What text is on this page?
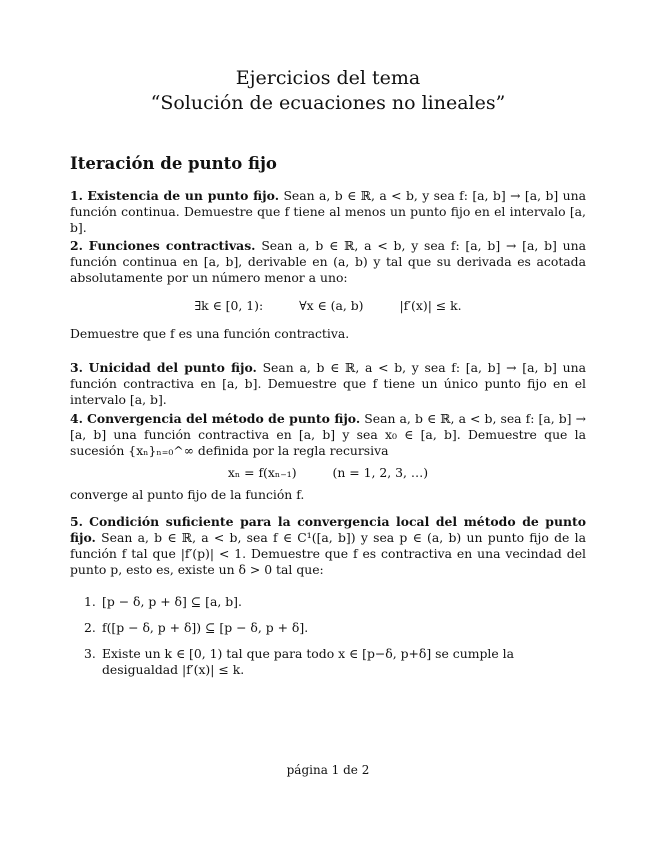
Ejercicios del tema
“Solución de ecuaciones no lineales”
Iteración de punto fijo
1. Existencia de un punto fijo. Sean a, b ∈ ℝ, a < b, y sea f: [a, b] → [a, b] una función continua. Demuestre que f tiene al menos un punto fijo en el intervalo [a, b].
2. Funciones contractivas. Sean a, b ∈ ℝ, a < b, y sea f: [a, b] → [a, b] una función continua en [a, b], derivable en (a, b) y tal que su derivada es acotada absolutamente por un número menor a uno:
∃k ∈ [0, 1):	∀x ∈ (a, b)	|f′(x)| ≤ k.
Demuestre que f es una función contractiva.
3. Unicidad del punto fijo. Sean a, b ∈ ℝ, a < b, y sea f: [a, b] → [a, b] una función contractiva en [a, b]. Demuestre que f tiene un único punto fijo en el intervalo [a, b].
4. Convergencia del método de punto fijo. Sean a, b ∈ ℝ, a < b, sea f: [a, b] → [a, b] una función contractiva en [a, b] y sea x₀ ∈ [a, b]. Demuestre que la sucesión {xₙ}ₙ₌₀^∞ definida por la regla recursiva
xₙ = f(xₙ₋₁)	(n = 1, 2, 3, …)
converge al punto fijo de la función f.
5. Condición suficiente para la convergencia local del método de punto fijo. Sean a, b ∈ ℝ, a < b, sea f ∈ C¹([a, b]) y sea p ∈ (a, b) un punto fijo de la función f tal que |f′(p)| < 1. Demuestre que f es contractiva en una vecindad del punto p, esto es, existe un δ > 0 tal que:
1. [p − δ, p + δ] ⊆ [a, b].
2. f([p − δ, p + δ]) ⊆ [p − δ, p + δ].
3. Existe un k ∈ [0, 1) tal que para todo x ∈ [p−δ, p+δ] se cumple la desigualdad |f′(x)| ≤ k.
página 1 de 2
